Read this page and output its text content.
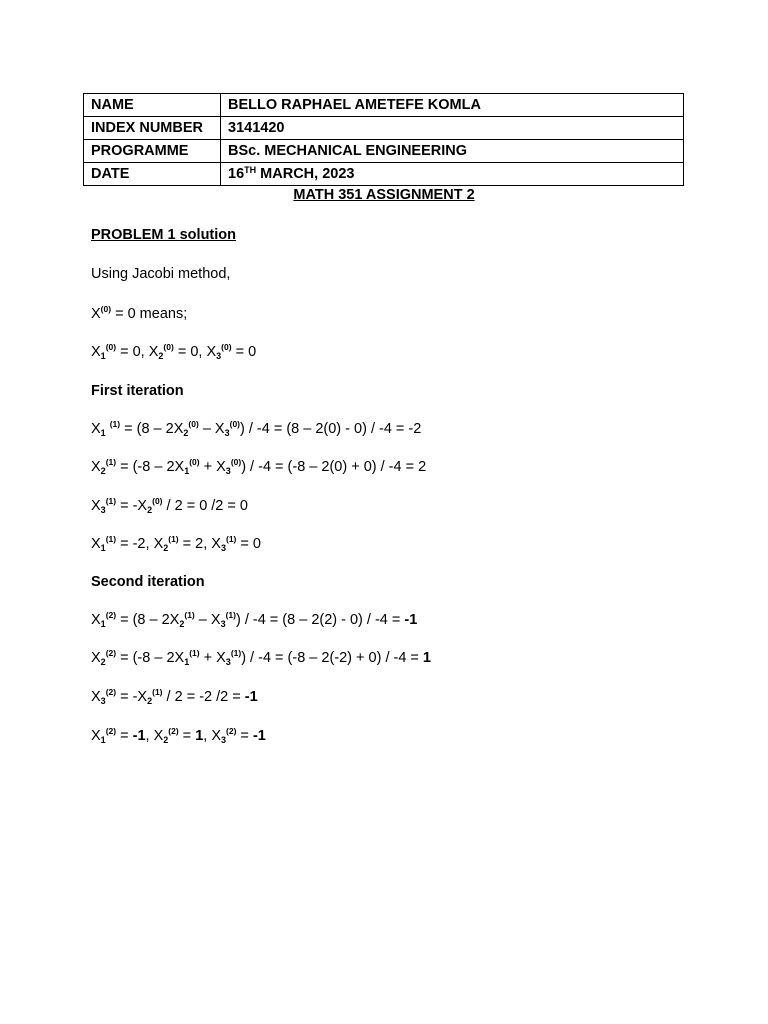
NAME	BELLO RAPHAEL AMETEFE KOMLA
INDEX NUMBER	3141420
PROGRAMME	BSc. MECHANICAL ENGINEERING
DATE	16TH MARCH, 2023
MATH 351 ASSIGNMENT 2
PROBLEM 1 solution
Using Jacobi method,
$X^{(0)} = 0$ means;
$X_1^{(0)} = 0$, $X_2^{(0)} = 0$, $X_3^{(0)} = 0$
First iteration
$X_1$ $^{(1)} = (8 - 2X_2^{(0)} - X_3^{(0)}) / -4 = (8 - 2(0) - 0) / -4 = -2$
$X_2^{(1)} = (-8 - 2X_1^{(0)} + X_3^{(0)}) / -4 = (-8 - 2(0) + 0) / -4 = 2$
$X_3^{(1)} = -X_2^{(0)} / 2 = 0$ /2 = 0
$X_1^{(1)} = -2$, $X_2^{(1)} = 2$, $X_3^{(1)} = 0$
Second iteration
$X_1^{(2)} = (8 - 2X_2^{(1)} - X_3^{(1)}) / -4 = (8 - 2(2) - 0) / -4 = -1$
$X_2^{(2)} = (-8 - 2X_1^{(1)} + X_3^{(1)}) / -4 = (-8 - 2(-2) + 0) / -4 = 1$
$X_3^{(2)} = -X_2^{(1)} / 2 = -2$ /2 = -1
$X_1^{(2)} = -1$, $X_2^{(2)} = 1$, $X_3^{(2)} = -1$
